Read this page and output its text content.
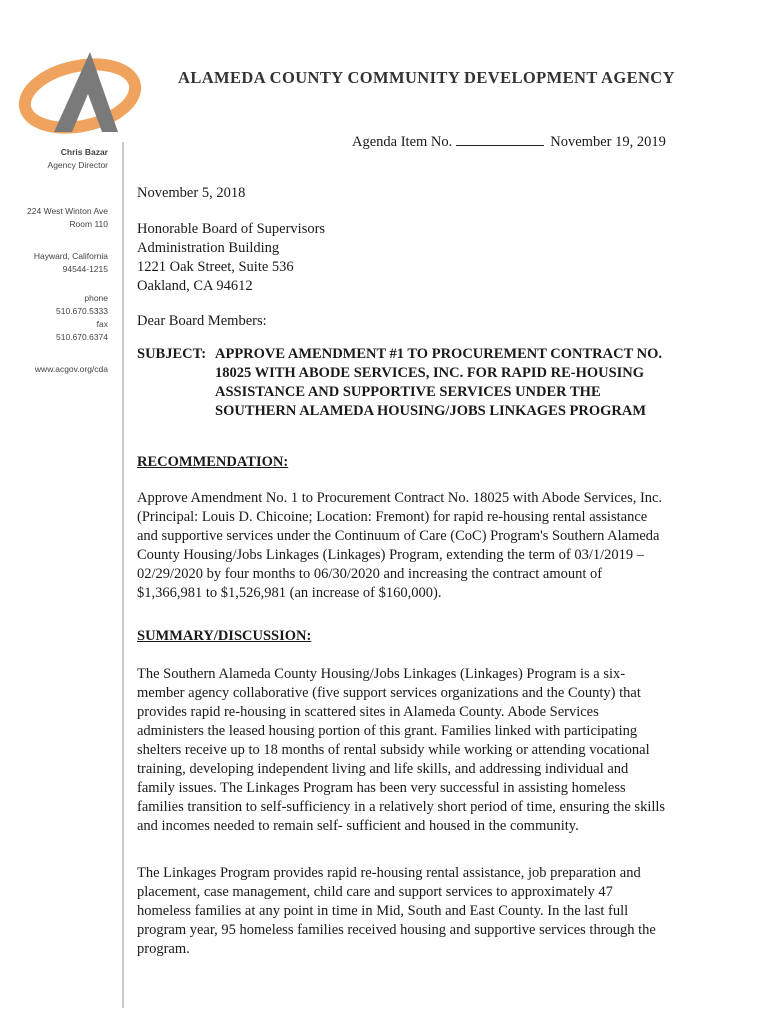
ALAMEDA COUNTY COMMUNITY DEVELOPMENT AGENCY
Chris Bazar
Agency Director
224 West Winton Ave
Room 110
Hayward, California
94544-1215
phone
510.670.5333
fax
510.670.6374
www.acgov.org/cda
Agenda Item No.	November 19, 2019
November 5, 2018
Honorable Board of Supervisors
Administration Building
1221 Oak Street, Suite 536
Oakland, CA 94612
Dear Board Members:
SUBJECT: APPROVE AMENDMENT #1 TO PROCUREMENT CONTRACT NO. 18025 WITH ABODE SERVICES, INC. FOR RAPID RE-HOUSING ASSISTANCE AND SUPPORTIVE SERVICES UNDER THE SOUTHERN ALAMEDA HOUSING/JOBS LINKAGES PROGRAM
RECOMMENDATION:

Approve Amendment No. 1 to Procurement Contract No. 18025 with Abode Services, Inc. (Principal: Louis D. Chicoine; Location: Fremont) for rapid re-housing rental assistance and supportive services under the Continuum of Care (CoC) Program's Southern Alameda County Housing/Jobs Linkages (Linkages) Program, extending the term of 03/1/2019 – 02/29/2020 by four months to 06/30/2020 and increasing the contract amount of $1,366,981 to $1,526,981 (an increase of $160,000).

SUMMARY/DISCUSSION:

The Southern Alameda County Housing/Jobs Linkages (Linkages) Program is a six-member agency collaborative (five support services organizations and the County) that provides rapid re-housing in scattered sites in Alameda County. Abode Services administers the leased housing portion of this grant. Families linked with participating shelters receive up to 18 months of rental subsidy while working or attending vocational training, developing independent living and life skills, and addressing individual and family issues. The Linkages Program has been very successful in assisting homeless families transition to self-sufficiency in a relatively short period of time, ensuring the skills and incomes needed to remain self- sufficient and housed in the community.

The Linkages Program provides rapid re-housing rental assistance, job preparation and placement, case management, child care and support services to approximately 47 homeless families at any point in time in Mid, South and East County. In the last full program year, 95 homeless families received housing and supportive services through the program.
